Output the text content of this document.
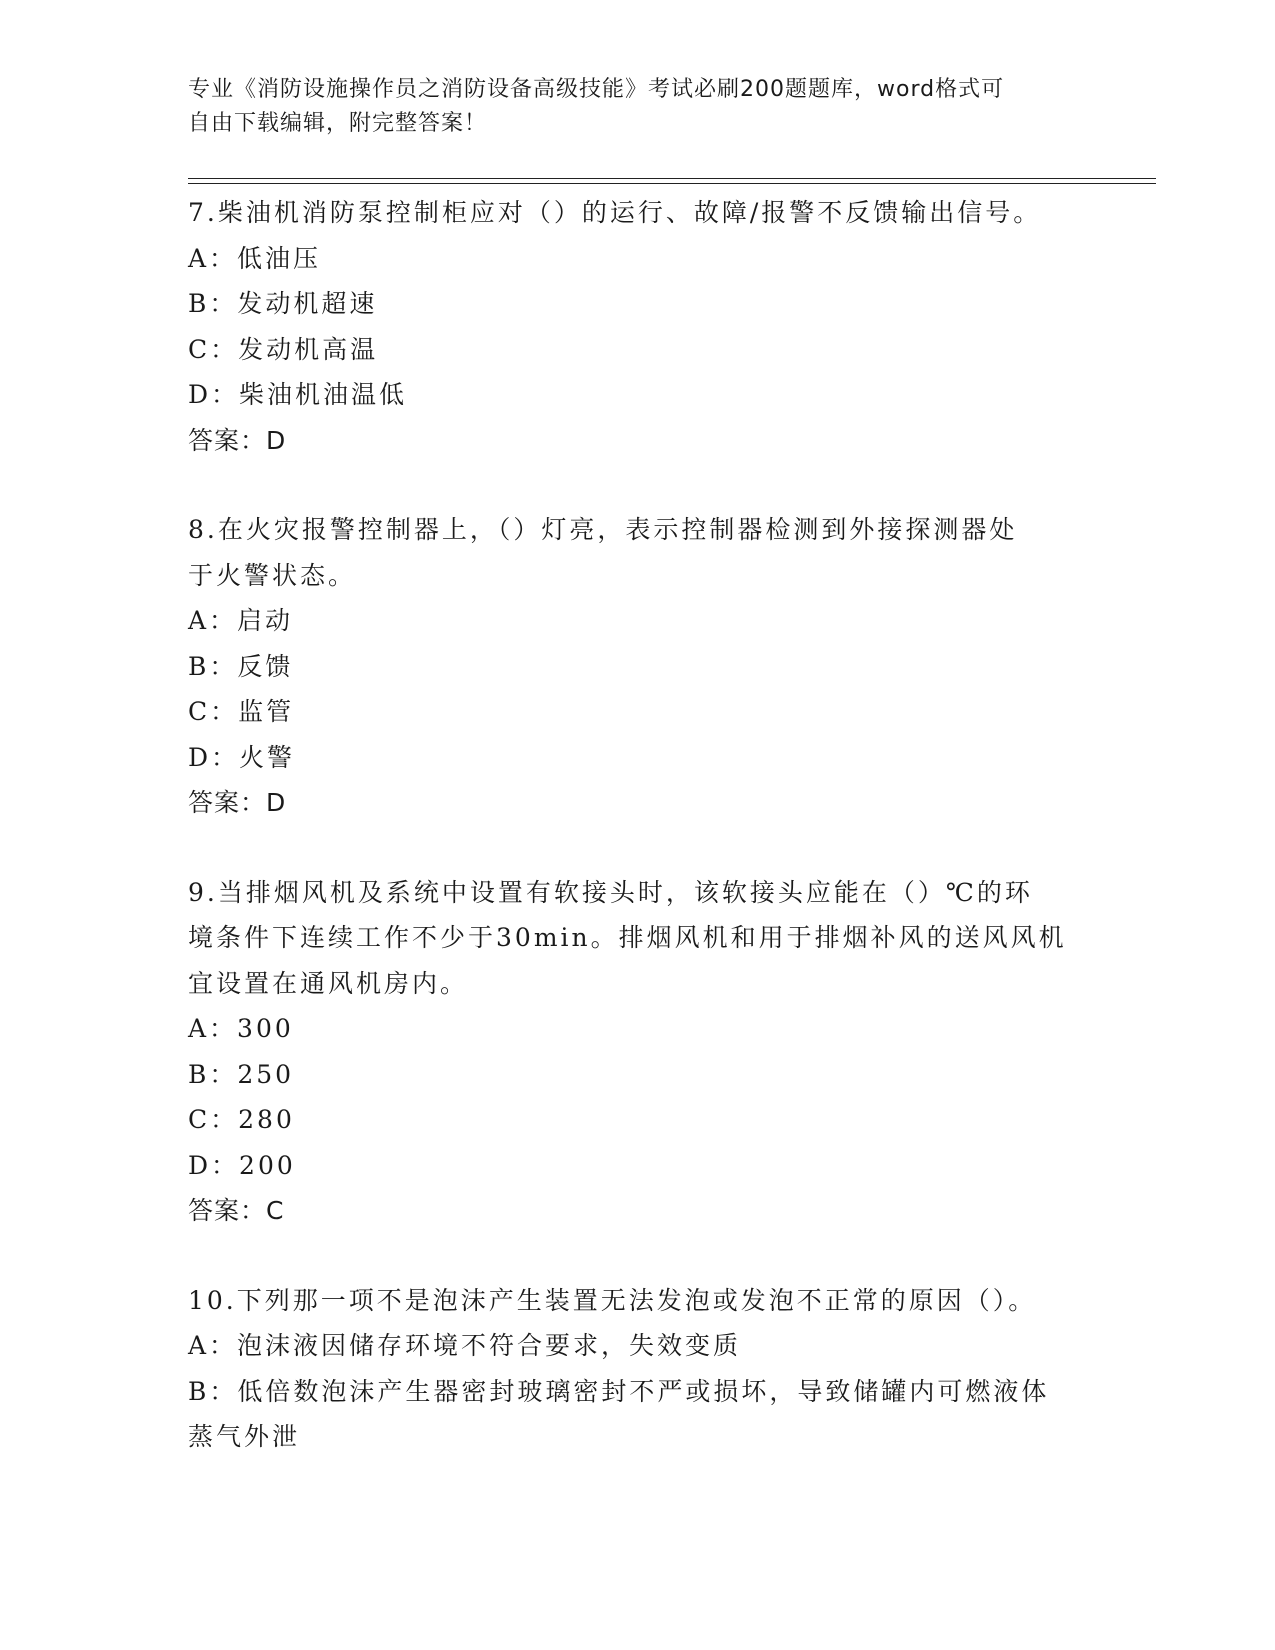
专业《消防设施操作员之消防设备高级技能》考试必刷200题题库，word格式可
自由下载编辑，附完整答案！
7.柴油机消防泵控制柜应对（）的运行、故障/报警不反馈输出信号。
A：低油压
B：发动机超速
C：发动机高温
D：柴油机油温低
答案：D
8.在火灾报警控制器上，（）灯亮，表示控制器检测到外接探测器处
于火警状态。
A：启动
B：反馈
C：监管
D：火警
答案：D
9.当排烟风机及系统中设置有软接头时，该软接头应能在（）℃的环
境条件下连续工作不少于30min。排烟风机和用于排烟补风的送风风机
宜设置在通风机房内。
A：300
B：250
C：280
D：200
答案：C
10.下列那一项不是泡沫产生装置无法发泡或发泡不正常的原因（）。
A：泡沫液因储存环境不符合要求，失效变质
B：低倍数泡沫产生器密封玻璃密封不严或损坏，导致储罐内可燃液体
蒸气外泄
